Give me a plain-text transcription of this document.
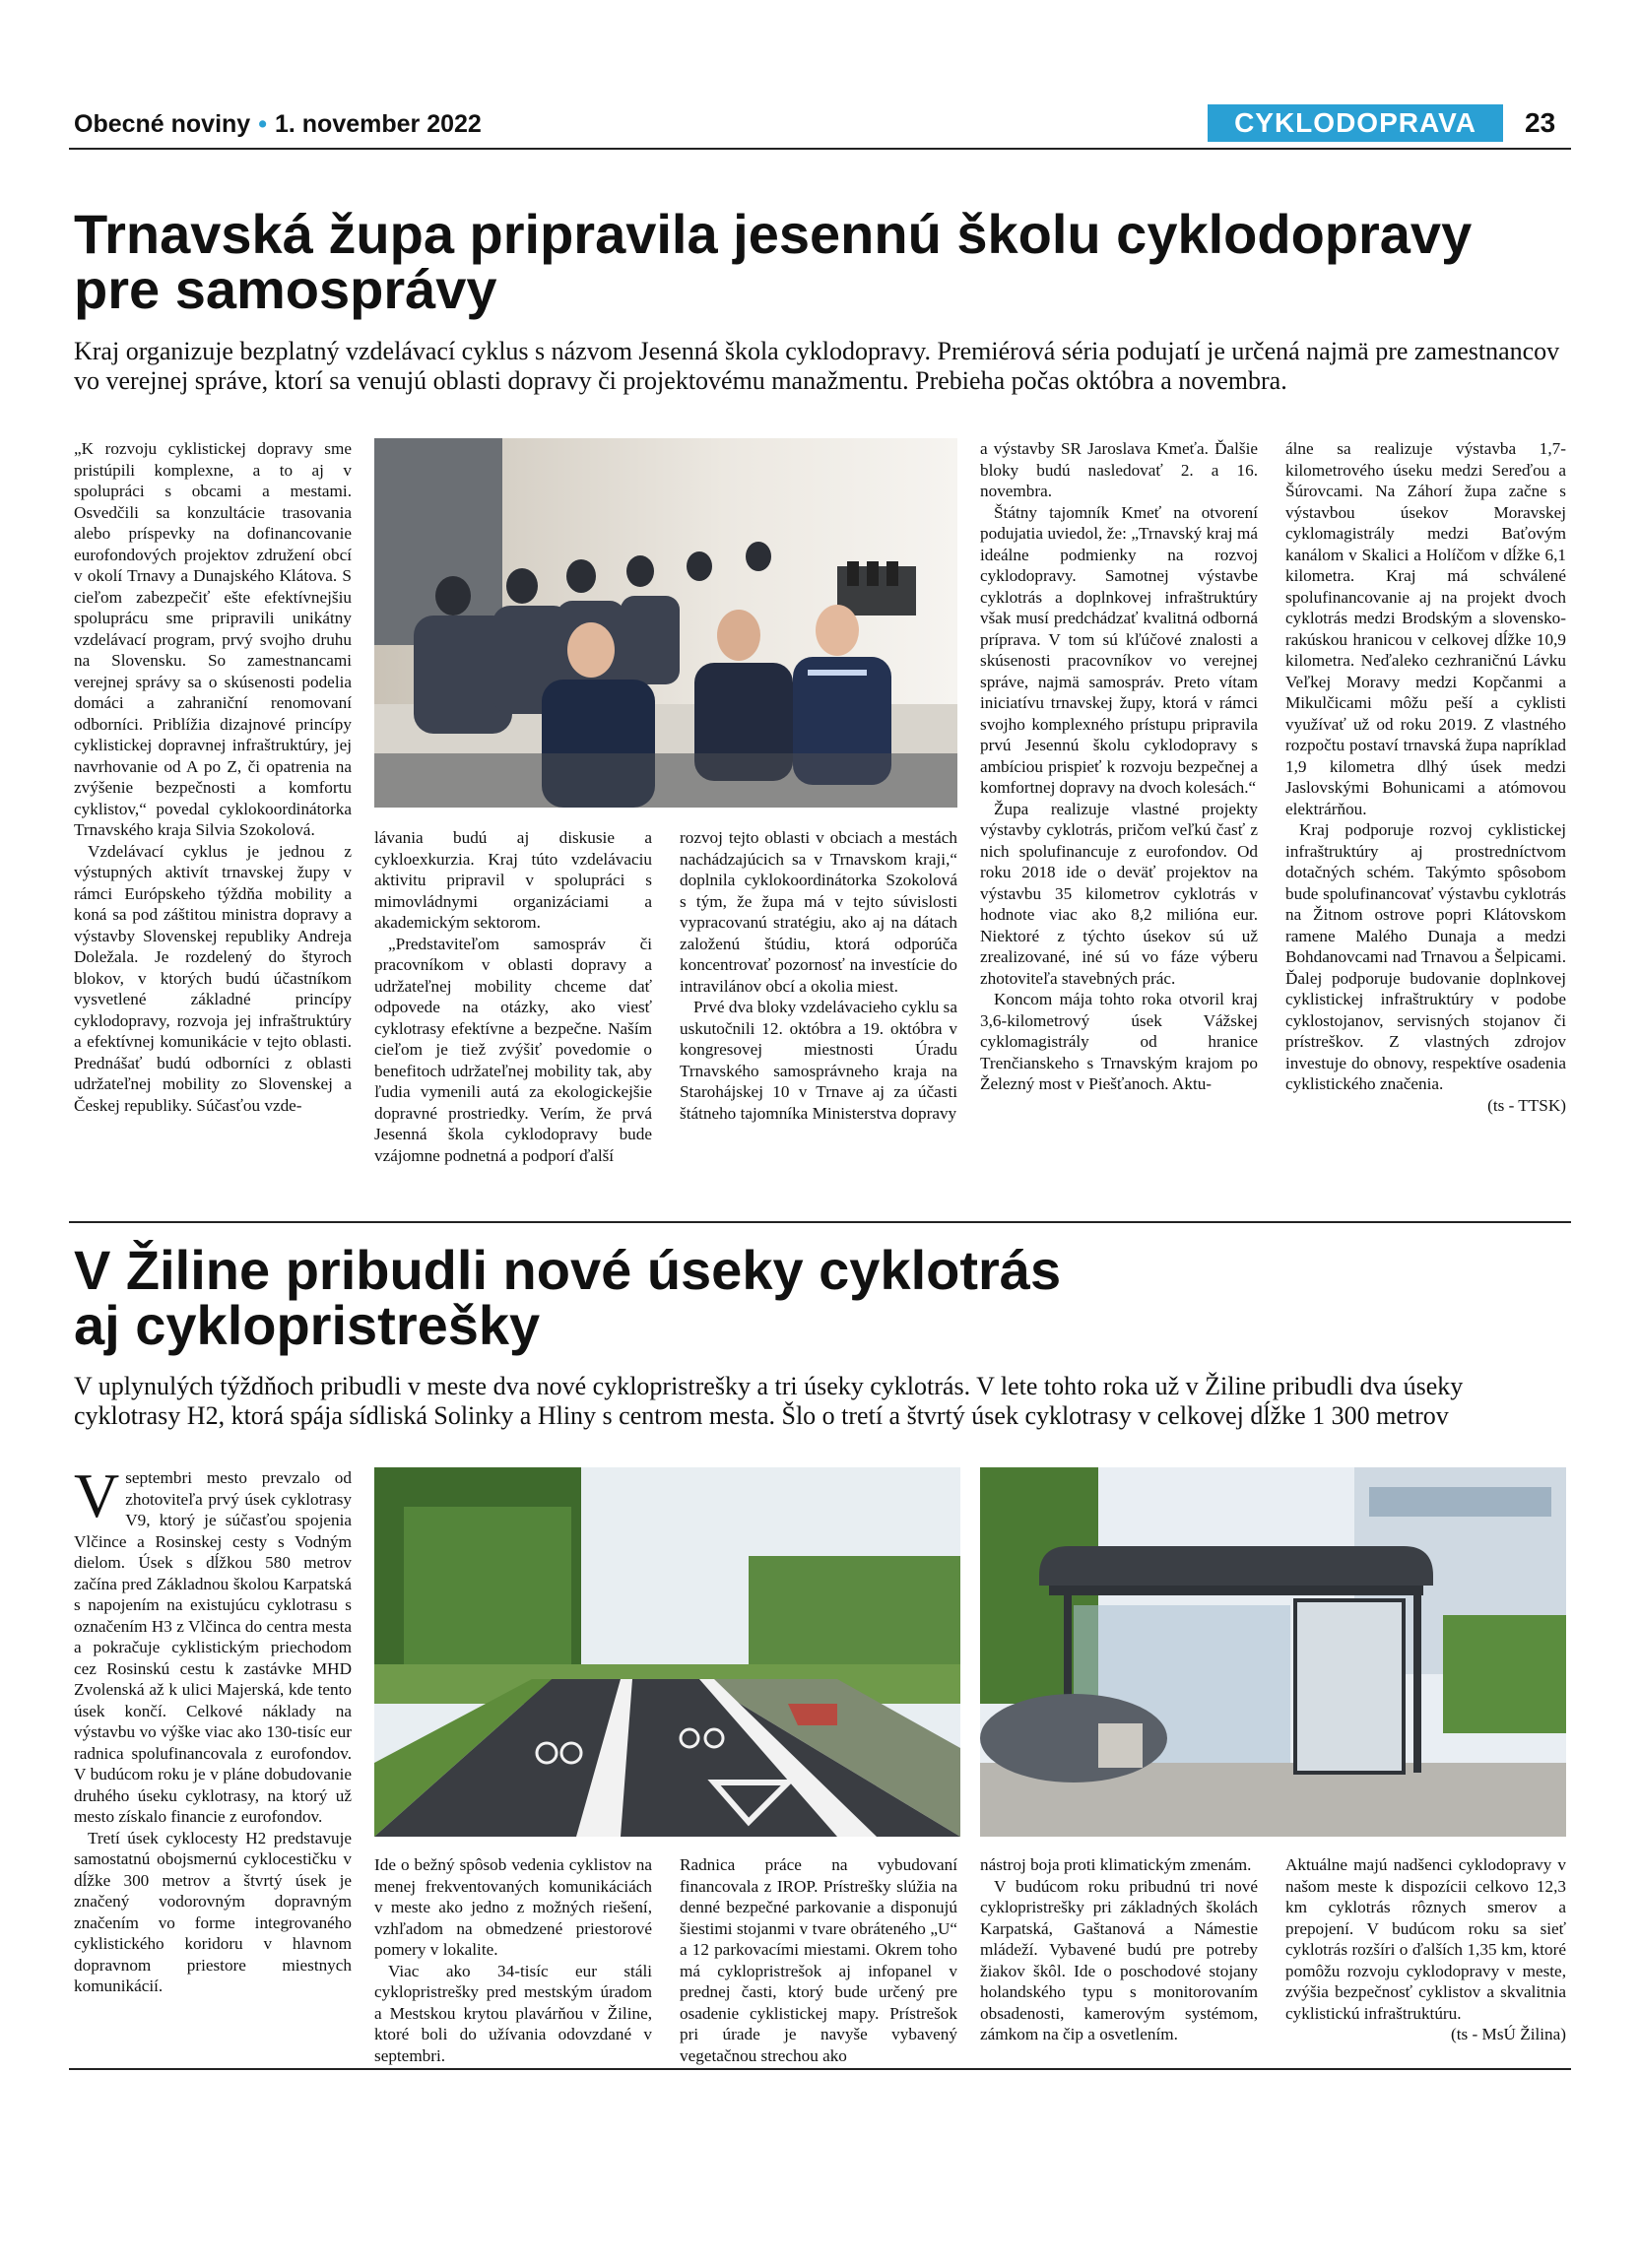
Obecné noviny • 1. november 2022	CYKLODOPRAVA	23
Trnavská župa pripravila jesennú školu cyklodopravy
pre samosprávy
Kraj organizuje bezplatný vzdelávací cyklus s názvom Jesenná škola cyklodopravy. Premiérová séria podujatí je určená najmä pre zamestnancov vo verejnej správe, ktorí sa venujú oblasti dopravy či projektovému manažmentu. Prebieha počas októbra a novembra.

„K rozvoju cyklistickej dopravy sme pristúpili komplexne, a to aj v spolupráci s obcami a mestami. Osvedčili sa konzultácie trasovania alebo príspevky na dofinancovanie eurofondových projektov združení obcí v okolí Trnavy a Dunajského Klátova. S cieľom zabezpečiť ešte efektívnejšiu spoluprácu sme pripravili unikátny vzdelávací program, prvý svojho druhu na Slovensku. So zamestnancami verejnej správy sa o skúsenosti podelia domáci a zahraniční renomovaní odborníci. Priblížia dizajnové princípy cyklistickej dopravnej infraštruktúry, jej navrhovanie od A po Z, či opatrenia na zvýšenie bezpečnosti a komfortu cyklistov,“ povedal cyklokoordinátorka Trnavského kraja Silvia Szokolová.

Vzdelávací cyklus je jednou z výstupných aktivít trnavskej župy v rámci Európskeho týždňa mobility a koná sa pod záštitou ministra dopravy a výstavby Slovenskej republiky Andreja Doležala. Je rozdelený do štyroch blokov, v ktorých budú účastníkom vysvetlené základné princípy cyklodopravy, rozvoja jej infraštruktúry a efektívnej komunikácie v tejto oblasti. Prednášať budú odborníci z oblasti udržateľnej mobility zo Slovenskej a Českej republiky. Súčasťou vzde-

lávania budú aj diskusie a cykloexkurzia. Kraj túto vzdelávaciu aktivitu pripravil v spolupráci s mimovládnymi organizáciami a akademickým sektorom.

„Predstaviteľom samospráv či pracovníkom v oblasti dopravy a udržateľnej mobility chceme dať odpovede na otázky, ako viesť cyklotrasy efektívne a bezpečne. Naším cieľom je tiež zvýšiť povedomie o benefitoch udržateľnej mobility tak, aby ľudia vymenili autá za ekologickejšie dopravné prostriedky. Verím, že prvá Jesenná škola cyklodopravy bude vzájomne podnetná a podporí ďalší

rozvoj tejto oblasti v obciach a mestách nachádzajúcich sa v Trnavskom kraji,“ doplnila cyklokoordinátorka Szokolová s tým, že župa má v tejto súvislosti vypracovanú stratégiu, ako aj na dátach založenú štúdiu, ktorá odporúča koncentrovať pozornosť na investície do intravilánov obcí a okolia miest.

Prvé dva bloky vzdelávacieho cyklu sa uskutočnili 12. októbra a 19. októbra v kongresovej miestnosti Úradu Trnavského samosprávneho kraja na Starohájskej 10 v Trnave aj za účasti štátneho tajomníka Ministerstva dopravy

a výstavby SR Jaroslava Kmeťa. Ďalšie bloky budú nasledovať 2. a 16. novembra.

Štátny tajomník Kmeť na otvorení podujatia uviedol, že: „Trnavský kraj má ideálne podmienky na rozvoj cyklodopravy. Samotnej výstavbe cyklotrás a doplnkovej infraštruktúry však musí predchádzať kvalitná odborná príprava. V tom sú kľúčové znalosti a skúsenosti pracovníkov vo verejnej správe, najmä samospráv. Preto vítam iniciatívu trnavskej župy, ktorá v rámci svojho komplexného prístupu pripravila prvú Jesennú školu cyklodopravy s ambíciou prispieť k rozvoju bezpečnej a komfortnej dopravy na dvoch kolesách.“

Župa realizuje vlastné projekty výstavby cyklotrás, pričom veľkú časť z nich spolufinancuje z eurofondov. Od roku 2018 ide o deväť projektov na výstavbu 35 kilometrov cyklotrás v hodnote viac ako 8,2 milióna eur. Niektoré z týchto úsekov sú už zrealizované, iné sú vo fáze výberu zhotoviteľa stavebných prác.

Koncom mája tohto roka otvoril kraj 3,6-kilometrový úsek Vážskej cyklomagistrály od hranice Trenčianskeho s Trnavským krajom po Železný most v Piešťanoch. Aktu-

álne sa realizuje výstavba 1,7-kilometrového úseku medzi Sereďou a Šúrovcami. Na Záhorí župa začne s výstavbou úsekov Moravskej cyklomagistrály medzi Baťovým kanálom v Skalici a Holíčom v dĺžke 6,1 kilometra. Kraj má schválené spolufinancovanie aj na projekt dvoch cyklotrás medzi Brodským a slovensko-rakúskou hranicou v celkovej dĺžke 10,9 kilometra. Neďaleko cezhraničnú Lávku Veľkej Moravy medzi Kopčanmi a Mikulčicami môžu peší a cyklisti využívať už od roku 2019. Z vlastného rozpočtu postaví trnavská župa napríklad 1,9 kilometra dlhý úsek medzi Jaslovskými Bohunicami a atómovou elektrárňou.

Kraj podporuje rozvoj cyklistickej infraštruktúry aj prostredníctvom dotačných schém. Takýmto spôsobom bude spolufinancovať výstavbu cyklotrás na Žitnom ostrove popri Klátovskom ramene Malého Dunaja a medzi Bohdanovcami nad Trnavou a Šelpicami. Ďalej podporuje budovanie doplnkovej cyklistickej infraštruktúry v podobe cyklostojanov, servisných stojanov či prístreškov. Z vlastných zdrojov investuje do obnovy, respektíve osadenia cyklistického značenia.

(ts - TTSK)

V Žiline pribudli nové úseky cyklotrás
aj cyklopristrešky
V uplynulých týždňoch pribudli v meste dva nové cyklopristrešky a tri úseky cyklotrás. V lete tohto roka už v Žiline pribudli dva úseky cyklotrasy H2, ktorá spája sídliská Solinky a Hliny s centrom mesta. Šlo o tretí a štvrtý úsek cyklotrasy v celkovej dĺžke 1 300 metrov

Vseptembri mesto prevzalo od zhotoviteľa prvý úsek cyklotrasy V9, ktorý je súčasťou spojenia Vlčince a Rosinskej cesty s Vodným dielom. Úsek s dĺžkou 580 metrov začína pred Základnou školou Karpatská s napojením na existujúcu cyklotrasu s označením H3 z Vlčinca do centra mesta a pokračuje cyklistickým priechodom cez Rosinskú cestu k zastávke MHD Zvolenská až k ulici Majerská, kde tento úsek končí. Celkové náklady na výstavbu vo výške viac ako 130-tisíc eur radnica spolufinancovala z eurofondov. V budúcom roku je v pláne dobudovanie druhého úseku cyklotrasy, na ktorý už mesto získalo financie z eurofondov.

Tretí úsek cyklocesty H2 predstavuje samostatnú obojsmernú cyklocestičku v dĺžke 300 metrov a štvrtý úsek je značený vodorovným dopravným značením vo forme integrovaného cyklistického koridoru v hlavnom dopravnom priestore miestnych komunikácií.

Ide o bežný spôsob vedenia cyklistov na menej frekventovaných komunikáciách v meste ako jedno z možných riešení, vzhľadom na obmedzené priestorové pomery v lokalite.

Viac ako 34-tisíc eur stáli cyklopristrešky pred mestským úradom a Mestskou krytou plavárňou v Žiline, ktoré boli do užívania odovzdané v septembri.

Radnica práce na vybudovaní financovala z IROP. Prístrešky slúžia na denné bezpečné parkovanie a disponujú šiestimi stojanmi v tvare obráteného „U“ a 12 parkovacími miestami. Okrem toho má cyklopristrešok aj infopanel v prednej časti, ktorý bude určený pre osadenie cyklistickej mapy. Prístrešok pri úrade je navyše vybavený vegetačnou strechou ako

nástroj boja proti klimatickým zmenám.

V budúcom roku pribudnú tri nové cyklopristrešky pri základných školách Karpatská, Gaštanová a Námestie mládeží. Vybavené budú pre potreby žiakov škôl. Ide o poschodové stojany holandského typu s monitorovaním obsadenosti, kamerovým systémom, zámkom na čip a osvetlením.

Aktuálne majú nadšenci cyklodopravy v našom meste k dispozícii celkovo 12,3 km cyklotrás rôznych smerov a prepojení. V budúcom roku sa sieť cyklotrás rozšíri o ďalších 1,35 km, ktoré pomôžu rozvoju cyklodopravy v meste, zvýšia bezpečnosť cyklistov a skvalitnia cyklistickú infraštruktúru.

(ts - MsÚ Žilina)
